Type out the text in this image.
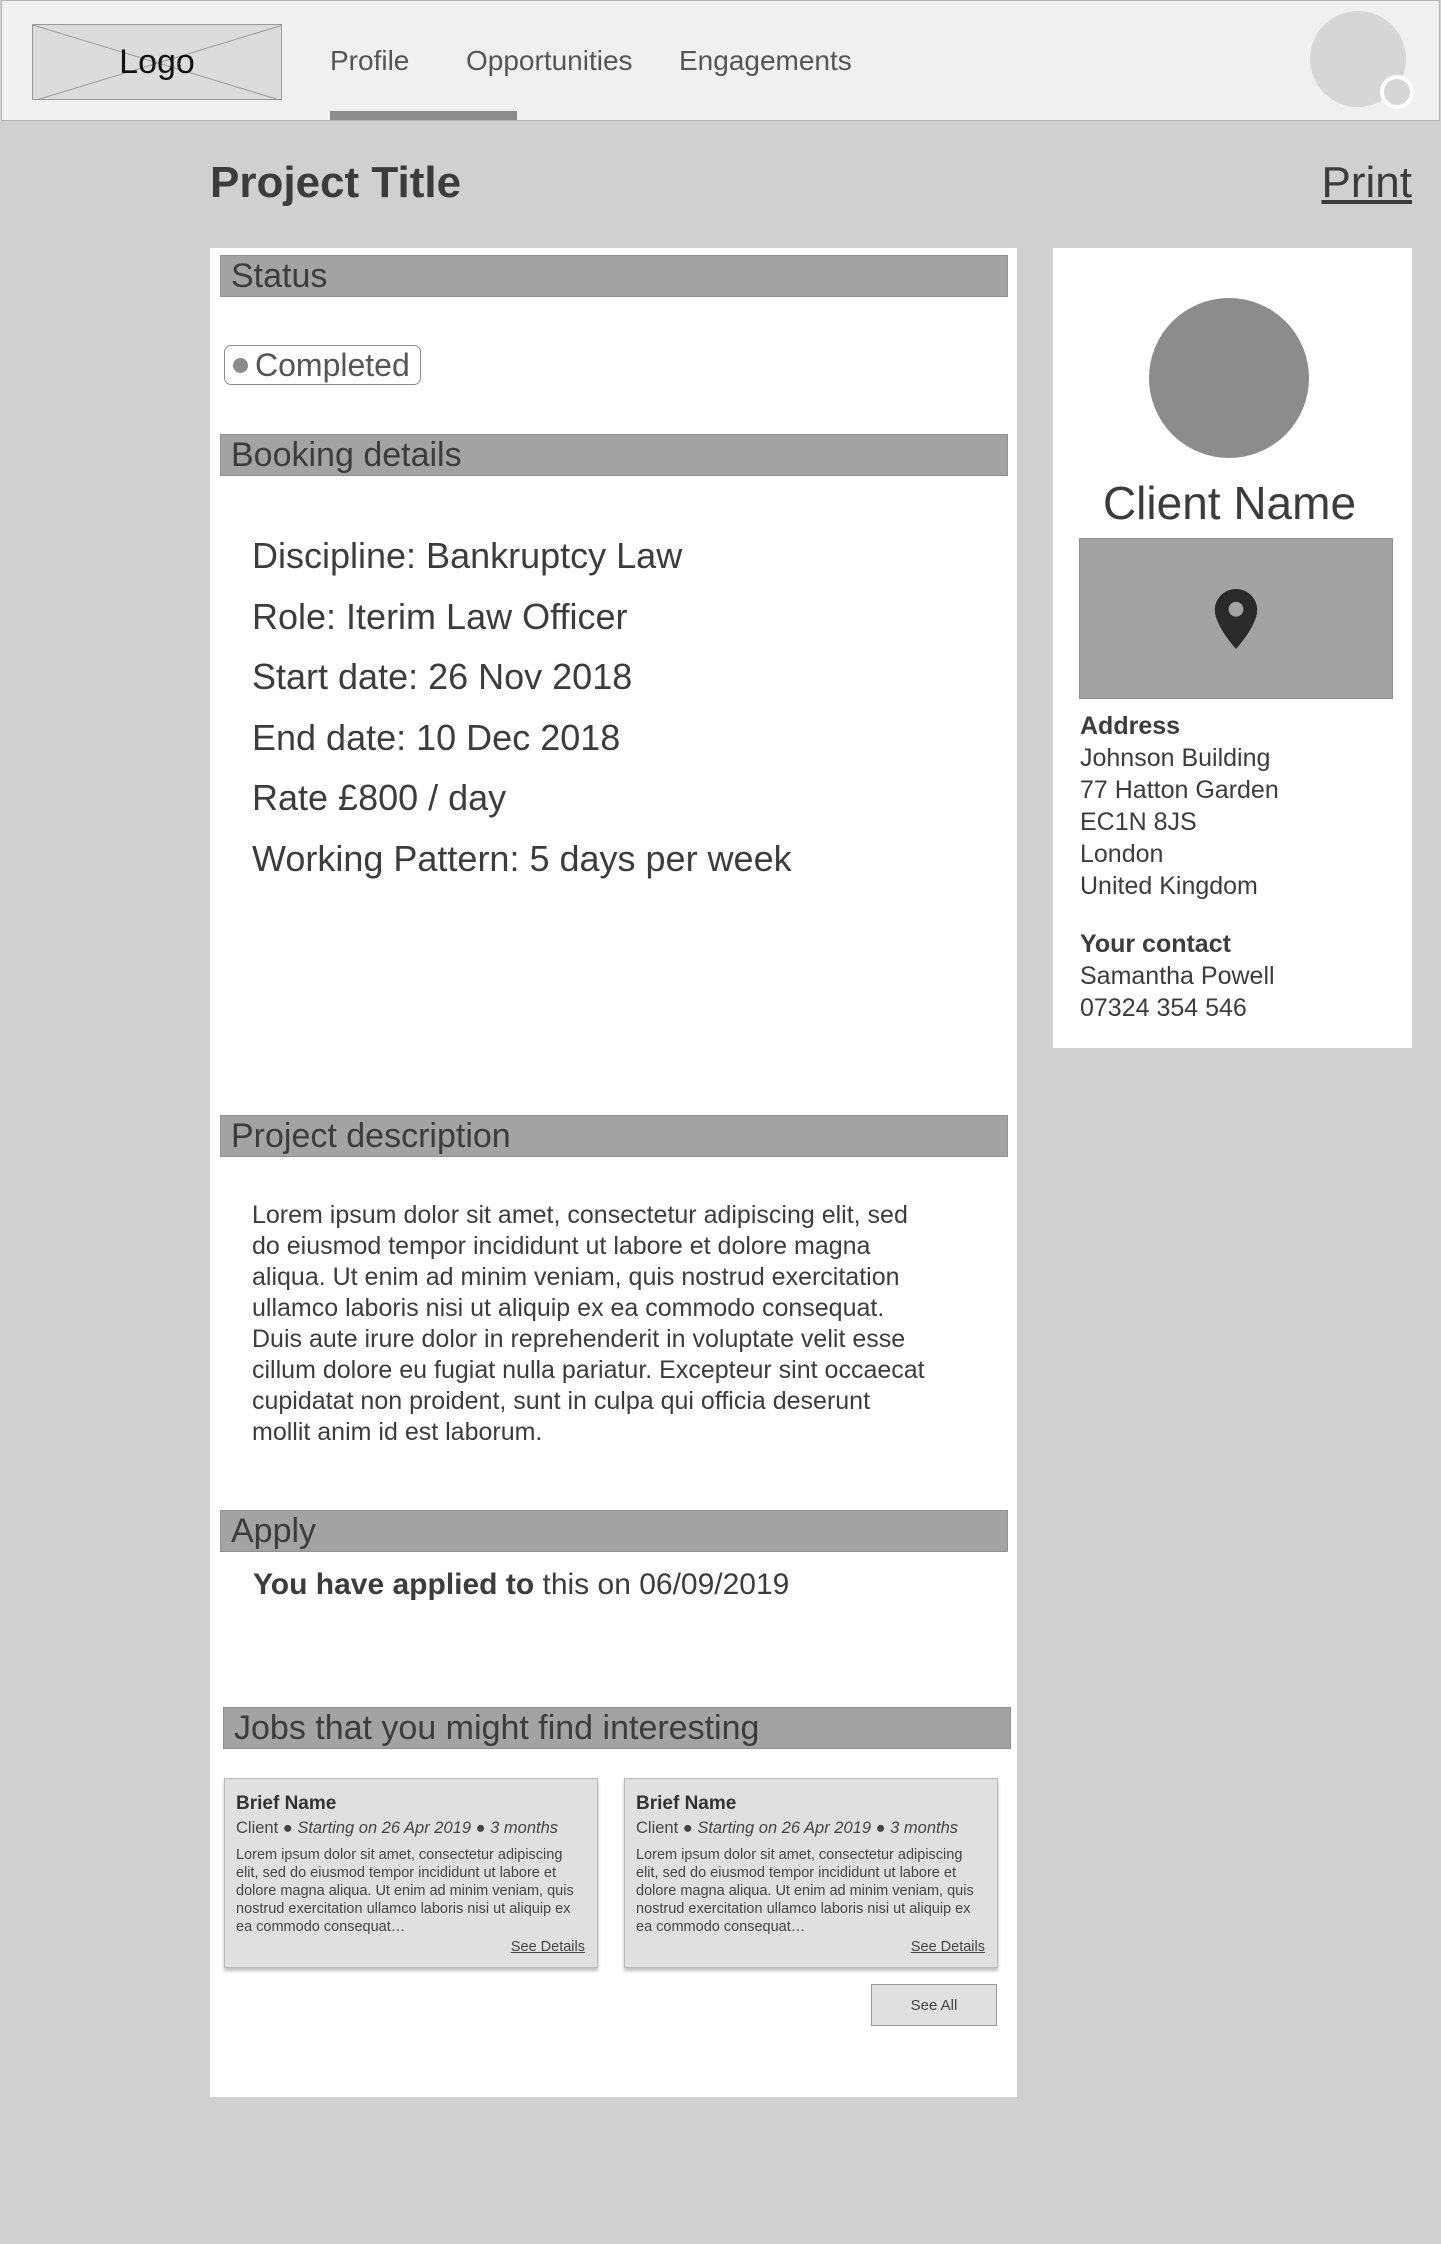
Logo	Profile Opportunities Engagements
Project Title	Print
Status
Completed
Booking details
Discipline: Bankruptcy Law
Role: Iterim Law Officer
Start date: 26 Nov 2018
End date: 10 Dec 2018
Rate £800 / day
Working Pattern: 5 days per week
Project description
Lorem ipsum dolor sit amet, consectetur adipiscing elit, sed do eiusmod tempor incididunt ut labore et dolore magna aliqua. Ut enim ad minim veniam, quis nostrud exercitation ullamco laboris nisi ut aliquip ex ea commodo consequat. Duis aute irure dolor in reprehenderit in voluptate velit esse cillum dolore eu fugiat nulla pariatur. Excepteur sint occaecat cupidatat non proident, sunt in culpa qui officia deserunt mollit anim id est laborum.
Apply
You have applied to this on 06/09/2019
Jobs that you might find interesting
Brief Name
Client ● Starting on 26 Apr 2019 ● 3 months
Lorem ipsum dolor sit amet, consectetur adipiscing elit, sed do eiusmod tempor incididunt ut labore et dolore magna aliqua. Ut enim ad minim veniam, quis nostrud exercitation ullamco laboris nisi ut aliquip ex ea commodo consequat…
See Details
Brief Name
Client ● Starting on 26 Apr 2019 ● 3 months
Lorem ipsum dolor sit amet, consectetur adipiscing elit, sed do eiusmod tempor incididunt ut labore et dolore magna aliqua. Ut enim ad minim veniam, quis nostrud exercitation ullamco laboris nisi ut aliquip ex ea commodo consequat…
See Details
See All
Client Name
Address
Johnson Building
77 Hatton Garden
EC1N 8JS
London
United Kingdom
Your contact
Samantha Powell
07324 354 546
